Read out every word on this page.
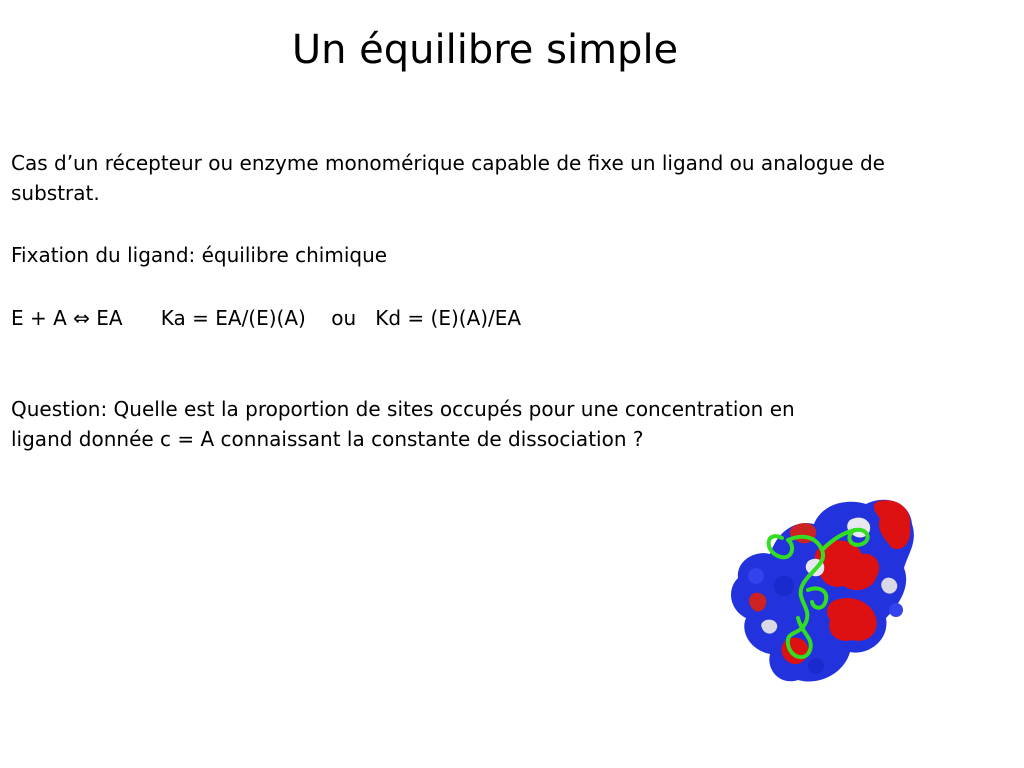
Un équilibre simple
Cas d’un récepteur ou enzyme monomérique capable de fixe un ligand ou analogue de substrat.
Fixation du ligand: équilibre chimique
E + A ⇔ EA      Ka = EA/(E)(A)    ou   Kd = (E)(A)/EA
Question: Quelle est la proportion de sites occupés pour une concentration en ligand donnée c = A connaissant la constante de dissociation ?
